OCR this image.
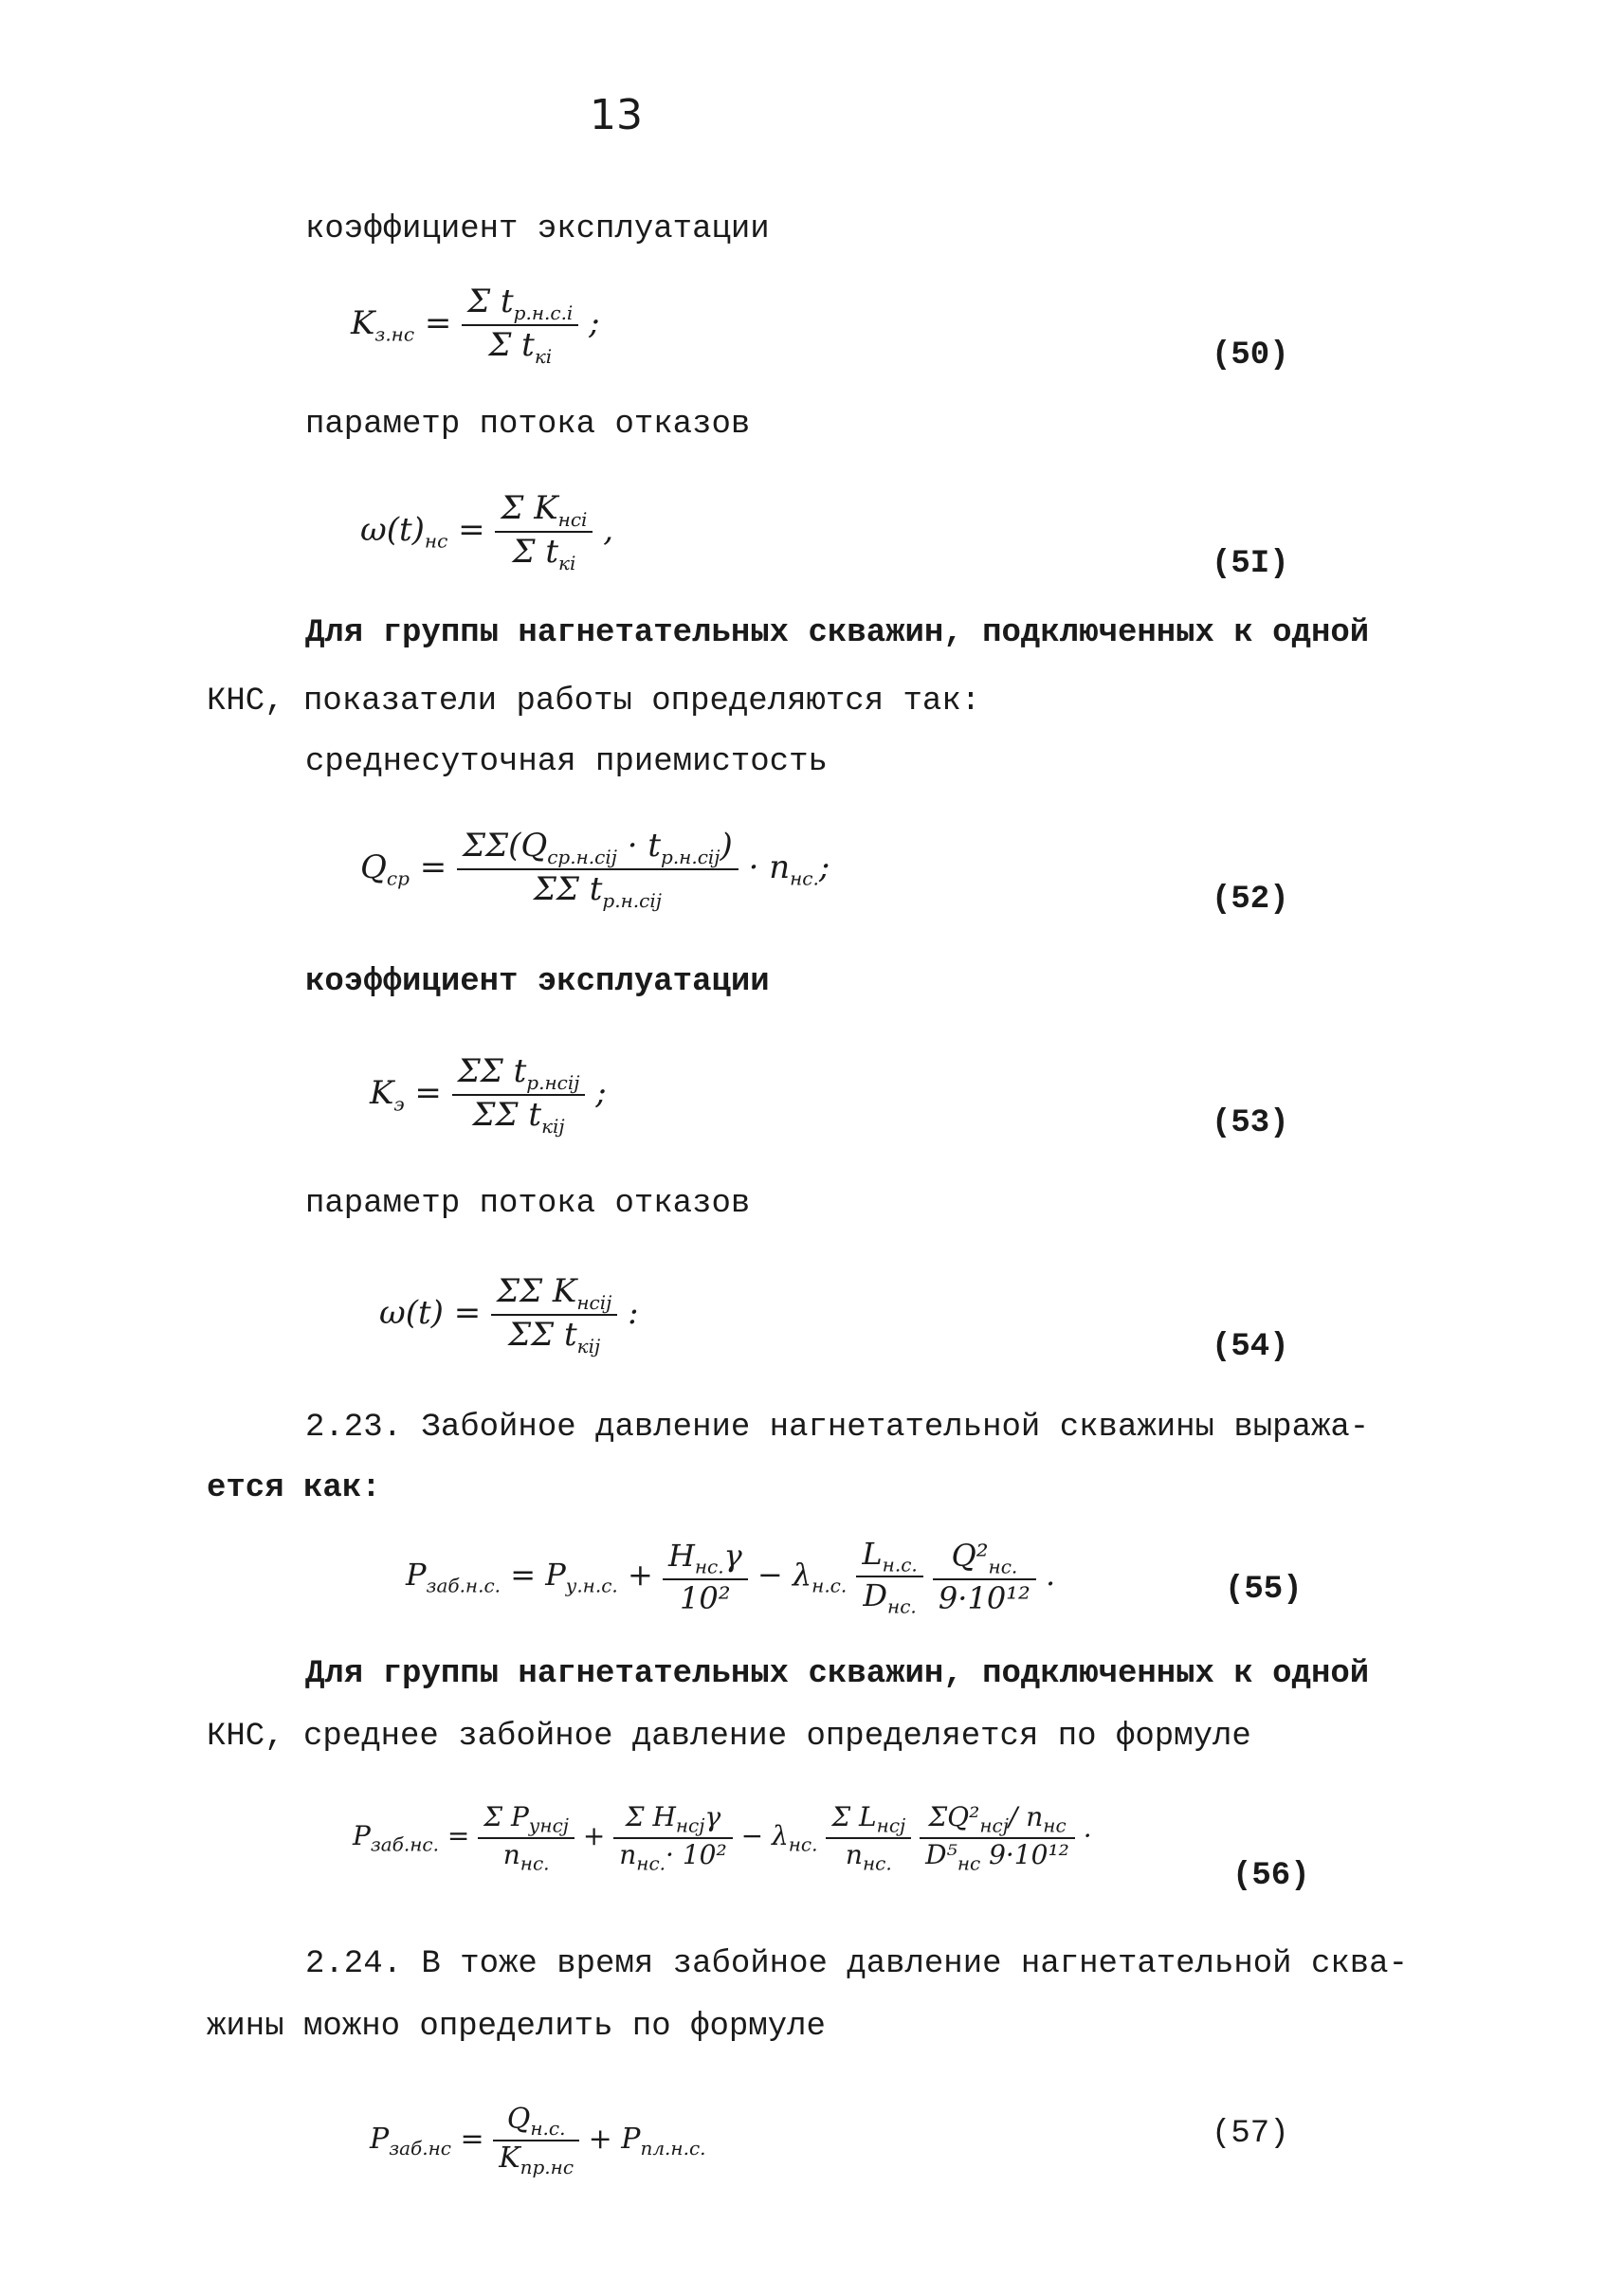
13
коэффициент эксплуатации
$K_{з.нс} = \frac{\Sigma t_{р.н.с.i}}{\Sigma t_{кi}}$ ;
(50)
параметр потока отказов
$\omega(t)_{нс} = \frac{\Sigma K_{нсi}}{\Sigma t_{кi}}$ ,
(5I)
Для группы нагнетательных скважин, подключенных к одной
КНС, показатели работы определяются так:
среднесуточная приемистость
$Q_{ср} = \frac{\Sigma\Sigma(Q_{ср.н.сij} \cdot t_{р.н.сij})}{\Sigma\Sigma t_{р.н.сij}} \cdot n_{нс.}$;
(52)
коэффициент эксплуатации
$K_э = \frac{\Sigma\Sigma t_{р.нсij}}{\Sigma\Sigma t_{кij}}$ ;
(53)
параметр потока отказов
$\omega(t) = \frac{\Sigma\Sigma K_{нсij}}{\Sigma\Sigma t_{кij}}$ :
(54)
2.23. Забойное давление нагнетательной скважины выража-
ется как:
$P_{заб.н.с.} = P_{у.н.с.} + \frac{H_{нс.}\gamma}{\text{10²}} - \lambda_{н.с.} \frac{L_{н.с.}}{D_{нс.}}$
$\frac{Q^2_{нс.}}{\text{9·10¹²}}$ .	(55)
Для группы нагнетательных скважин, подключенных к одной
КНС, среднее забойное давление определяется по формуле
$P_{заб.нс.} = \frac{\Sigma P_{унсj}}{n_{нс.}} + \frac{\Sigma H_{нсj}\gamma}{n_{нс.}\cdot 10^2} - \lambda_{нс.} \frac{\Sigma L_{нсj}}{n_{нс.}}$
$\frac{\Sigma Q^2_{нсj}/ n_{нс}}{D^5_{нс} 9\cdot 10^{12}}$ ·
(56)
2.24. В тоже время забойное давление нагнетательной сква-
жины можно определить по формуле
$P_{заб.нс} = \frac{Q_{н.с.}}{K_{пр.нс}} + P_{пл.н.с.}$	(57)
